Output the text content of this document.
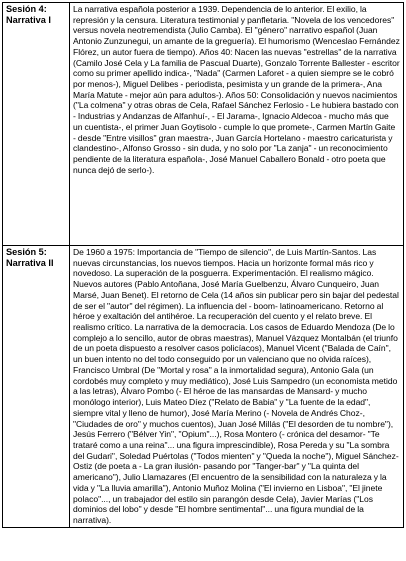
Sesión 4:
Narrativa I	La narrativa española posterior a 1939. Dependencia de lo anterior. El exilio, la represión y la censura. Literatura testimonial y panfletaria. "Novela de los vencedores" versus novela neotremendista (Julio Camba). El "género" narrativo español (Juan Antonio Zunzunegui, un amante de la greguería). El humorismo (Wenceslao Fernández Flórez, un autor fuera de tiempo). Años 40: Nacen las nuevas "estrellas" de la narrativa (Camilo José Cela y La familia de Pascual Duarte), Gonzalo Torrente Ballester - escritor como su primer apellido indica-, "Nada" (Carmen Laforet - a quien siempre se le cobró por menos-), Miguel Delibes - periodista, pesimista y un grande de la primera-, Ana María Matute - mejor aún para adultos-). Años 50: Consolidación y nuevos nacimientos ("La colmena" y otras obras de Cela, Rafael Sánchez Ferlosio - Le hubiera bastado con - Industrias y Andanzas de Alfanhuí-, - El Jarama-, Ignacio Aldecoa - mucho más que un cuentista-, el primer Juan Goytisolo - cumple lo que promete-, Carmen Martín Gaite - desde "Entre visillos" gran maestra-, Juan García Hortelano - maestro caricaturista y clandestino-, Alfonso Grosso - sin duda, y no solo por "La zanja" - un reconocimiento pendiente de la literatura española-, José Manuel Caballero Bonald - otro poeta que nunca dejó de serlo-).

Sesión 5:
Narrativa II	De 1960 a 1975: Importancia de "Tiempo de silencio", de Luis Martín-Santos. Las nuevas circunstancias, los nuevos tiempos. Hacia un horizonte formal más rico y novedoso. La superación de la posguerra. Experimentación. El realismo mágico. Nuevos autores (Pablo Antoñana, José María Guelbenzu, Álvaro Cunqueiro, Juan Marsé, Juan Benet). El retorno de Cela (14 años sin publicar pero sin bajar del pedestal de ser el "autor" del régimen). La influencia del - boom- latinoamericano. Retorno al héroe y exaltación del antihéroe. La recuperación del cuento y el relato breve. El realismo crítico. La narrativa de la democracia. Los casos de Eduardo Mendoza (De lo complejo a lo sencillo, autor de obras maestras), Manuel Vázquez Montalbán (el triunfo de un poeta dispuesto a resolver casos policíacos), Manuel Vicent ("Balada de Caín", un buen intento no del todo conseguido por un valenciano que no olvida raíces), Francisco Umbral (De "Mortal y rosa" a la inmortalidad segura), Antonio Gala (un cordobés muy completo y muy mediático), José Luis Sampedro (un economista metido a las letras), Álvaro Pombo (- El héroe de las mansardas de Mansard- y mucho monólogo interior), Luis Mateo Díez ("Relato de Babia" y "La fuente de la edad", siempre vital y lleno de humor), José María Merino (- Novela de Andrés Choz-, "Ciudades de oro" y muchos cuentos), Juan José Millás ("El desorden de tu nombre"), Jesús Ferrero ("Bélver Yin", "Opium"...), Rosa Montero (- crónica del desamor- "Te trataré como a una reina"... una figura imprescindible), Rosa Pereda y su "La sombra del Gudari", Soledad Puértolas ("Todos mienten" y "Queda la noche"), Miguel Sánchez-Ostiz (de poeta a - La gran ilusión- pasando por "Tanger-bar" y "La quinta del americano"), Julio Llamazares (El encuentro de la sensibilidad con la naturaleza y la vida y "La lluvia amarilla"), Antonio Muñoz Molina ("El invierno en Lisboa", "El jinete polaco"..., un trabajador del estilo sin parangón desde Cela), Javier Marías ("Los dominios del lobo" y desde "El hombre sentimental"... una figura mundial de la narrativa).
